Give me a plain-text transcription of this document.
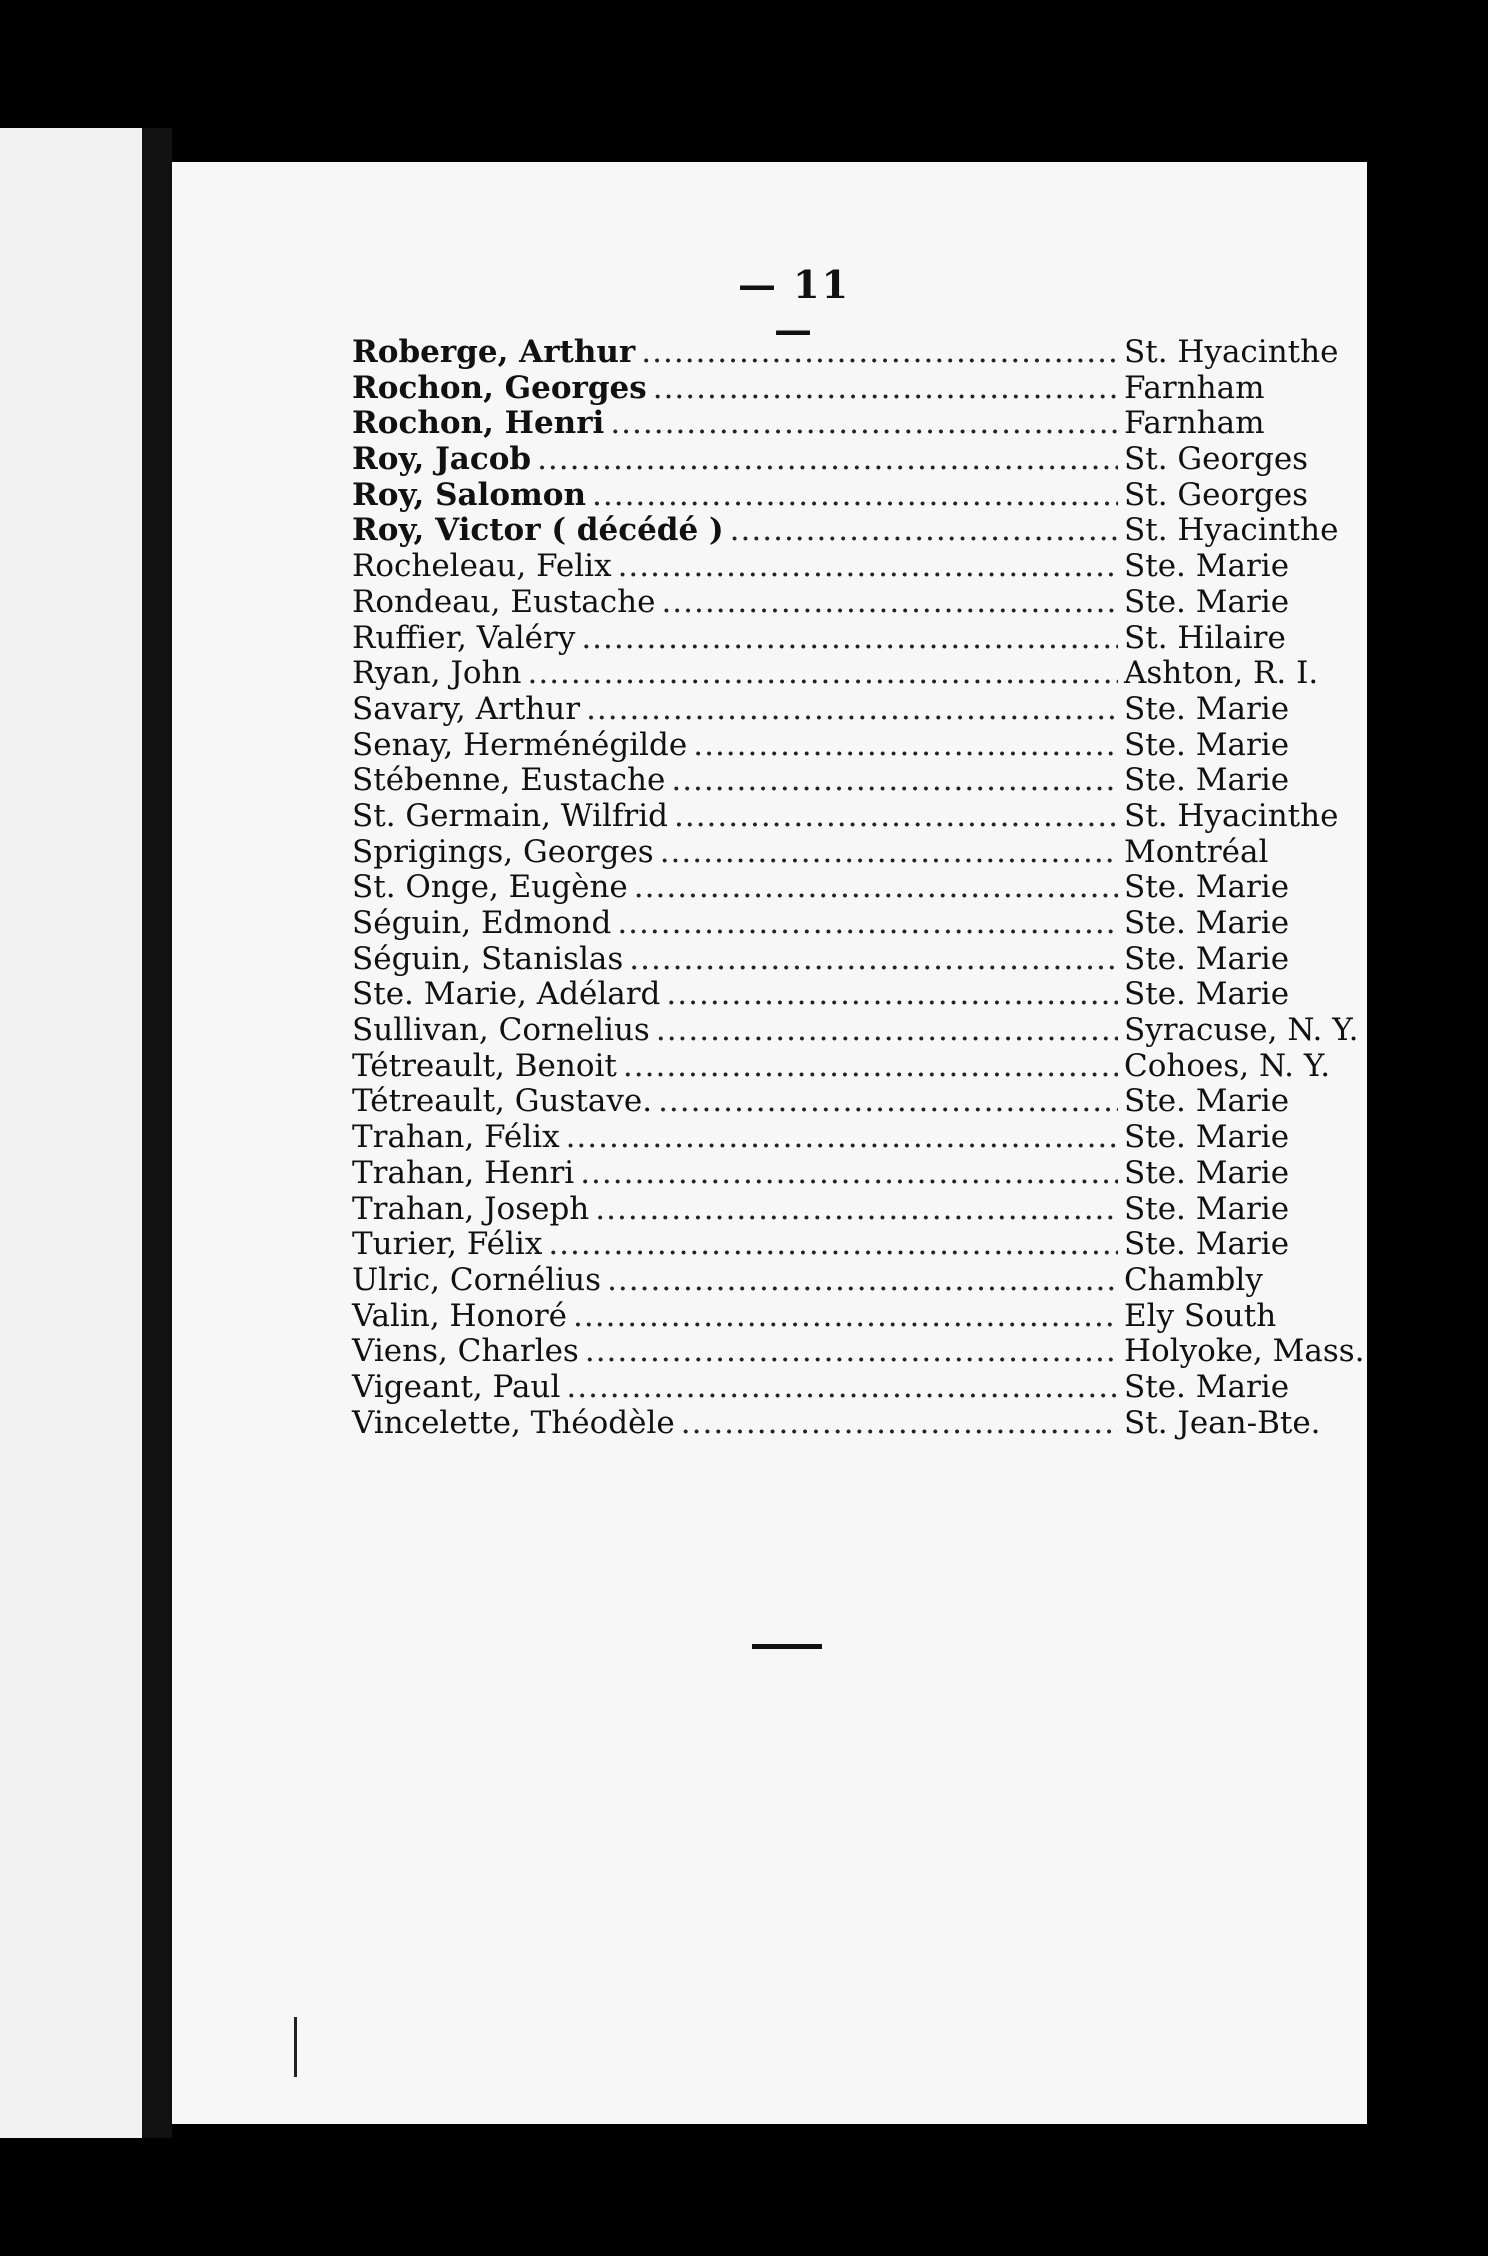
— 11 —
Roberge, Arthur .....	St. Hyacinthe
Rochon, Georges .....	Farnham
Rochon, Henri .....	Farnham
Roy, Jacob .....	St. Georges
Roy, Salomon .....	St. Georges
Roy, Victor ( décédé ) .....	St. Hyacinthe
Rocheleau, Felix .....	Ste. Marie
Rondeau, Eustache .....	Ste. Marie
Ruffier, Valéry .....	St. Hilaire
Ryan, John .....	Ashton, R. I.
Savary, Arthur .....	Ste. Marie
Senay, Herménégilde .....	Ste. Marie
Stébenne, Eustache .....	Ste. Marie
St. Germain, Wilfrid .....	St. Hyacinthe
Sprigings, Georges .....	Montréal
St. Onge, Eugène .....	Ste. Marie
Séguin, Edmond .....	Ste. Marie
Séguin, Stanislas .....	Ste. Marie
Ste. Marie, Adélard .....	Ste. Marie
Sullivan, Cornelius .....	Syracuse, N. Y.
Tétreault, Benoit .....	Cohoes, N. Y.
Tétreault, Gustave. .....	Ste. Marie
Trahan, Félix .....	Ste. Marie
Trahan, Henri .....	Ste. Marie
Trahan, Joseph .....	Ste. Marie
Turier, Félix .....	Ste. Marie
Ulric, Cornélius .....	Chambly
Valin, Honoré .....	Ely South
Viens, Charles .....	Holyoke, Mass.
Vigeant, Paul .....	Ste. Marie
Vincelette, Théodèle .....	St. Jean-Bte.
